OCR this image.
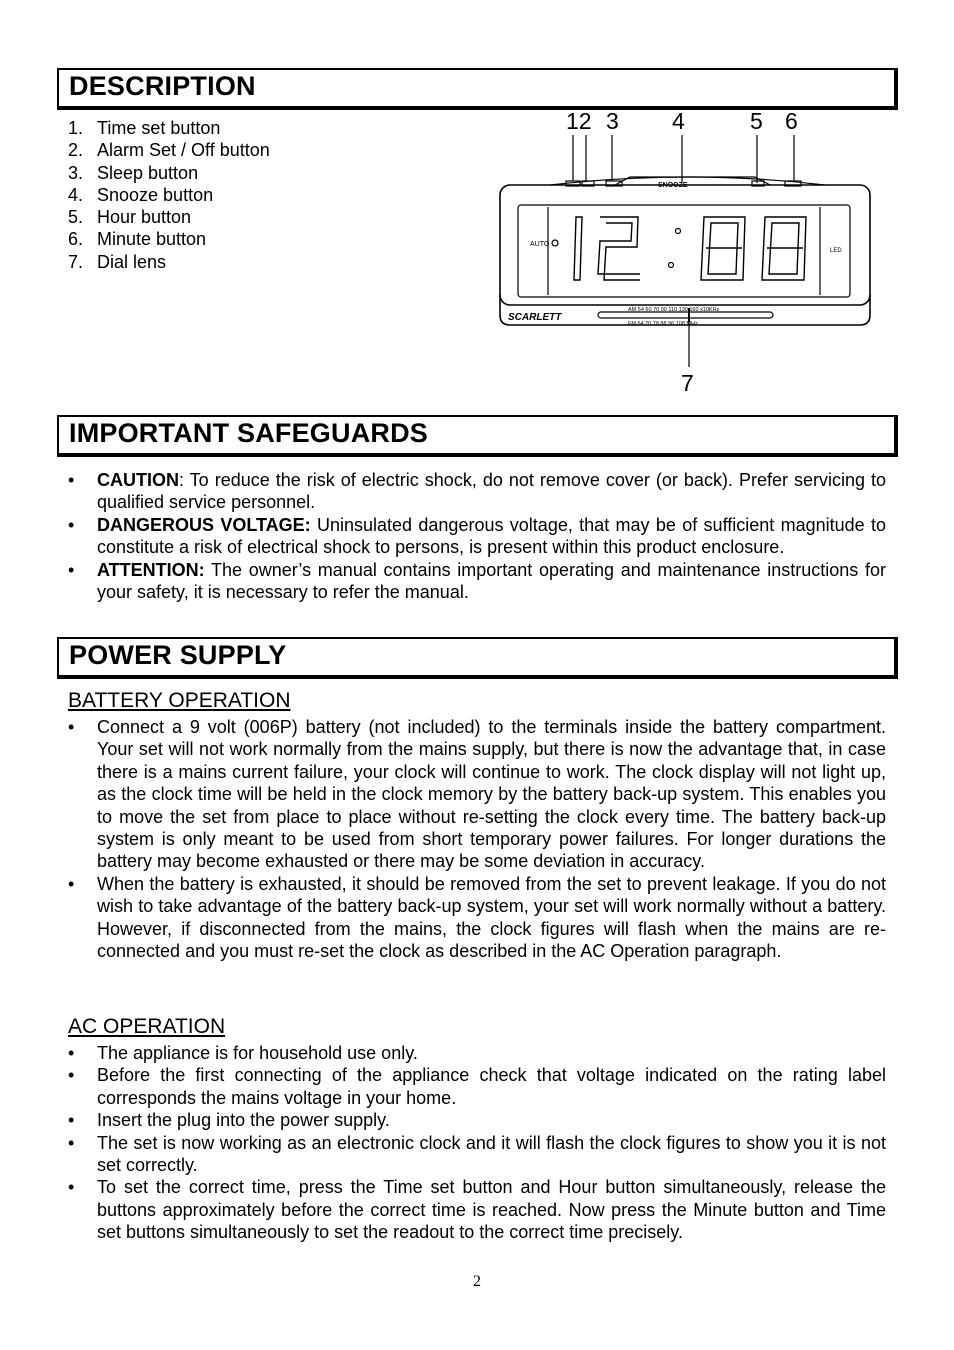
DESCRIPTION
1. Time set button
2. Alarm Set / Off button
3. Sleep button
4. Snooze button
5. Hour button
6. Minute button
7. Dial lens
12 3 4	5 6
7
AUTO
LED
SNOOZE
SCARLETT
AM 54 60 70 90 110 130 160 x10KHz
FM 64 70 78 88 96 108 MHz
IMPORTANT SAFEGUARDS
• CAUTION: To reduce the risk of electric shock, do not remove cover (or back). Prefer servicing to qualified service personnel.
• DANGEROUS VOLTAGE: Uninsulated dangerous voltage, that may be of sufficient magnitude to constitute a risk of electrical shock to persons, is present within this product enclosure.
• ATTENTION: The owner’s manual contains important operating and maintenance instructions for your safety, it is necessary to refer the manual.
POWER SUPPLY
BATTERY OPERATION
• Connect a 9 volt (006P) battery (not included) to the terminals inside the battery compartment. Your set will not work normally from the mains supply, but there is now the advantage that, in case there is a mains current failure, your clock will continue to work. The clock display will not light up, as the clock time will be held in the clock memory by the battery back-up system. This enables you to move the set from place to place without re-setting the clock every time. The battery back-up system is only meant to be used from short temporary power failures. For longer durations the battery may become exhausted or there may be some deviation in accuracy.
• When the battery is exhausted, it should be removed from the set to prevent leakage. If you do not wish to take advantage of the battery back-up system, your set will work normally without a battery. However, if disconnected from the mains, the clock figures will flash when the mains are re-connected and you must re-set the clock as described in the AC Operation paragraph.
AC OPERATION
• The appliance is for household use only.
• Before the first connecting of the appliance check that voltage indicated on the rating label corresponds the mains voltage in your home.
• Insert the plug into the power supply.
• The set is now working as an electronic clock and it will flash the clock figures to show you it is not set correctly.
• To set the correct time, press the Time set button and Hour button simultaneously, release the buttons approximately before the correct time is reached. Now press the Minute button and Time set buttons simultaneously to set the readout to the correct time precisely.
2
